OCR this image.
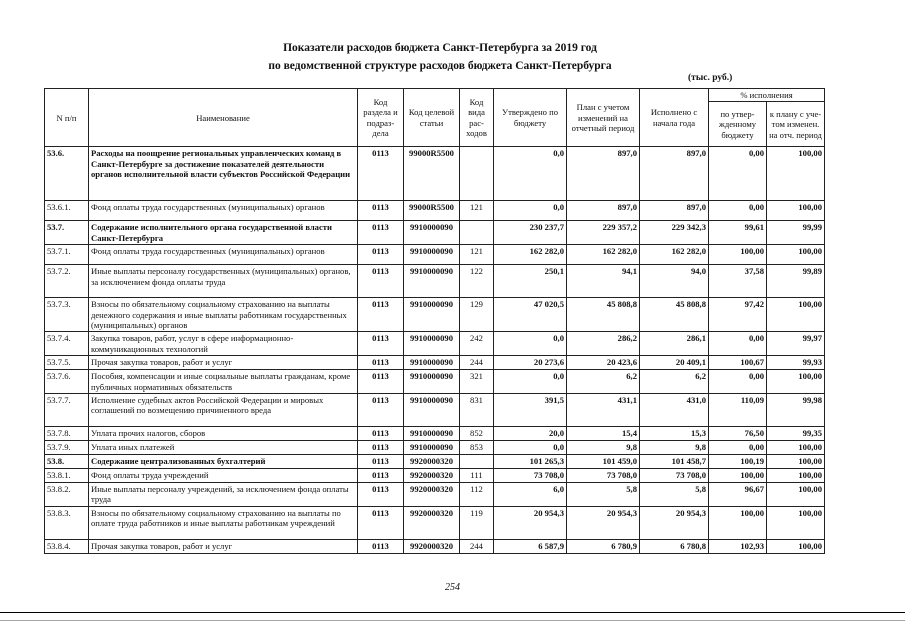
Показатели расходов бюджета Санкт-Петербурга за 2019 год
по ведомственной структуре расходов бюджета Санкт-Петербурга
(тыс. руб.)
N п/п	Наименование	Код раздела и подраз-дела	Код целевой статьи	Код вида рас-ходов	Утверждено по бюджету	План с учетом изменений на отчетный период	Исполнено с начала года	% исполнения	
								по утвер-жденному бюджету	к плану с уче-том изменен. на отч. период
53.6.	Расходы на поощрение региональных управленческих команд в Санкт-Петербурге за достижение показателей деятельности органов исполнительной власти субъектов Российской Федерации	0113	99000R5500		0,0	897,0	897,0	0,00	100,00
53.6.1.	Фонд оплаты труда государственных (муниципальных) органов	0113	99000R5500	121	0,0	897,0	897,0	0,00	100,00
53.7.	Содержание исполнительного органа государственной власти Санкт-Петербурга	0113	9910000090		230 237,7	229 357,2	229 342,3	99,61	99,99
53.7.1.	Фонд оплаты труда государственных (муниципальных) органов	0113	9910000090	121	162 282,0	162 282,0	162 282,0	100,00	100,00
53.7.2.	Иные выплаты персоналу государственных (муниципальных) органов, за исключением фонда оплаты труда	0113	9910000090	122	250,1	94,1	94,0	37,58	99,89
53.7.3.	Взносы по обязательному социальному страхованию на выплаты денежного содержания и иные выплаты работникам государственных (муниципальных) органов	0113	9910000090	129	47 020,5	45 808,8	45 808,8	97,42	100,00
53.7.4.	Закупка товаров, работ, услуг в сфере информационно-коммуникационных технологий	0113	9910000090	242	0,0	286,2	286,1	0,00	99,97
53.7.5.	Прочая закупка товаров, работ и услуг	0113	9910000090	244	20 273,6	20 423,6	20 409,1	100,67	99,93
53.7.6.	Пособия, компенсации и иные социальные выплаты гражданам, кроме публичных нормативных обязательств	0113	9910000090	321	0,0	6,2	6,2	0,00	100,00
53.7.7.	Исполнение судебных актов Российской Федерации и мировых соглашений по возмещению причиненного вреда	0113	9910000090	831	391,5	431,1	431,0	110,09	99,98
53.7.8.	Уплата прочих налогов, сборов	0113	9910000090	852	20,0	15,4	15,3	76,50	99,35
53.7.9.	Уплата иных платежей	0113	9910000090	853	0,0	9,8	9,8	0,00	100,00
53.8.	Содержание централизованных бухгалтерий	0113	9920000320		101 265,3	101 459,0	101 458,7	100,19	100,00
53.8.1.	Фонд оплаты труда учреждений	0113	9920000320	111	73 708,0	73 708,0	73 708,0	100,00	100,00
53.8.2.	Иные выплаты персоналу учреждений, за исключением фонда оплаты труда	0113	9920000320	112	6,0	5,8	5,8	96,67	100,00
53.8.3.	Взносы по обязательному социальному страхованию на выплаты по оплате труда работников и иные выплаты работникам учреждений	0113	9920000320	119	20 954,3	20 954,3	20 954,3	100,00	100,00
53.8.4.	Прочая закупка товаров, работ и услуг	0113	9920000320	244	6 587,9	6 780,9	6 780,8	102,93	100,00
254
